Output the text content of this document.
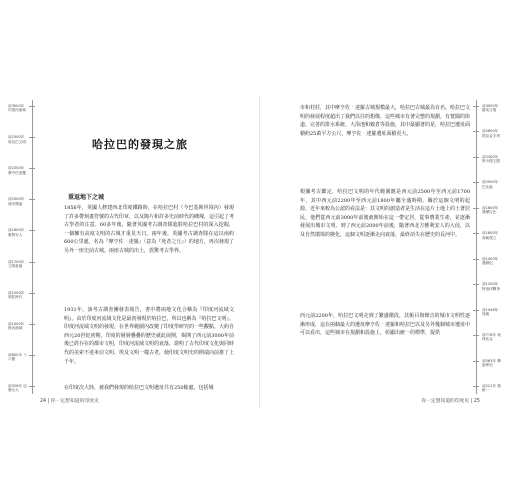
前3000年 印度河流域
前2500年 哈拉巴文明
前2200年 摩亨佐達羅
前2000年 城市興盛
前1800年 雅利安人
前1700年 文明衰落
前1500年 吠陀時代
前1000年 恆河流域
前600年 十六國
前326年 亞歷山大
哈拉巴的發現之旅
重返地下之城
1856年，英國人修建西北印度鐵路時，在哈拉巴村（今巴基斯坦境內）發現了許多帶刻畫符號的古代印章，以及陶片和許多史前時代的磚塊，這引起了考古學者的注意。60多年後，隨著英國考古調查隊進駐哈拉巴村的深入挖掘，一個擁有高度文明的古城才重見天日。兩年後，英國考古調查隊在這以南約600公里處，名為『摩亨佐‧達羅』（意為『死者之丘』）的地方，再次發現了另外一座史前古城。兩座古城的出土，震驚考古學界。
1931年，該考古調查團發表報告，書中將兩地文化合稱為『印度河流域文明』。由於印度河流域文化是最初發現於哈拉巴，所以也稱為『哈拉巴文明』。印度河流域文明的發現，在世界範圍內改變了印度學研究的一些觀點，大約自西元20世紀初期，印度的層層疊疊的歷史就此展開，揭開了西元前3000年前後已經存在的都市文明，印度河流域文明的衰落，證明了古代印度文化與同時代的美索不達米亞文明、埃及文明一樣古老，使印度文明史的開端向前推了上千年。
在印度次大陸，被我們發現的哈拉巴文明遺址共有250餘處，包括城
24 | 你一定想知道的印度史
市和村莊，其中摩亨佐‧達羅古城規模最大，哈拉巴古城最為有名。哈拉巴文明的發展程度超出了我們以往的想像，這些城市有著完整的規劃，有寬闊的街道、完善的排水系統、大浴池和穀倉等設施，其中最顯著的是，哈拉巴遺址面積約25萬平方公尺，摩亨佐‧達羅遺址面積更大。
根據考古鑑定，哈拉巴文明的年代範圍應是西元前2500年至西元前1700年，其中西元前2200年至西元前1800年屬全盛時期。關於這個文明的起源，近年來較為公認的看法是：其文明的創造者是生活在這片土地上的土著居民，他們從西元前3000年前後就開始在這一帶定居，從事農業生產，並逐漸發展出城市文明。到了西元前2000年前後，隨著西北方雅利安人的入侵，以及自然環境的變化，這個文明逐漸走向衰落，最終消失在歷史的長河中。
西元前2200年，哈拉巴文明走到了繁盛階段，其帳目與聲音的城市文明性逐漸形成，這在兩個最大的遺址摩亨佐‧達羅和哈拉巴以及另外幾個城市遺址中可以看出，這些城市在規劃和設施上，彰顯出統一的標準，提供
前3000年 蘇美文明
前2600年 埃及金字塔
前2300年 阿卡德王國
前2000年 巴比倫
前1800年 漢摩拉比
前1600年 商朝建立
前1400年 邁錫尼
前1200年 特洛伊戰爭
前1046年 周朝
前776年 奧林匹克
前563年 釋迦牟尼
前221年 秦統一
你一定想知道的印度史 | 25
